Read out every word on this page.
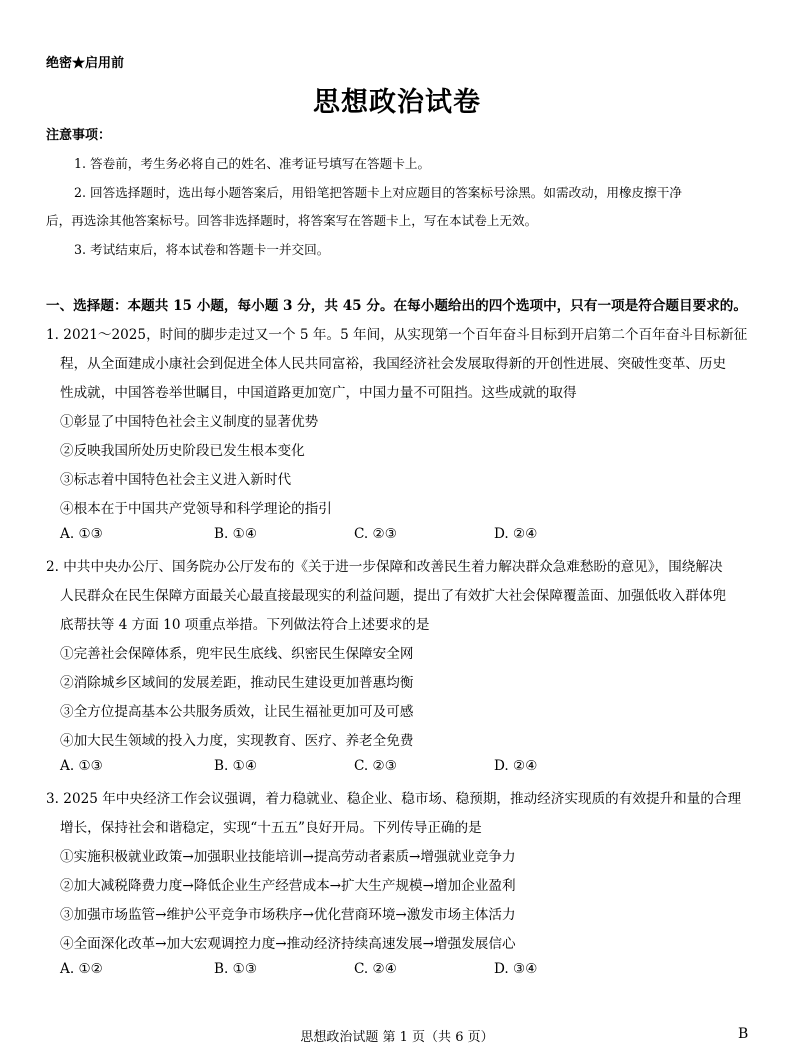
绝密★启用前
思想政治试卷
注意事项：
1. 答卷前，考生务必将自己的姓名、准考证号填写在答题卡上。
2. 回答选择题时，选出每小题答案后，用铅笔把答题卡上对应题目的答案标号涂黑。如需改动，用橡皮擦干净
后，再选涂其他答案标号。回答非选择题时，将答案写在答题卡上，写在本试卷上无效。
3. 考试结束后，将本试卷和答题卡一并交回。
一、选择题：本题共 15 小题，每小题 3 分，共 45 分。在每小题给出的四个选项中，只有一项是符合题目要求的。
1. 2021～2025，时间的脚步走过又一个 5 年。5 年间，从实现第一个百年奋斗目标到开启第二个百年奋斗目标新征
程，从全面建成小康社会到促进全体人民共同富裕，我国经济社会发展取得新的开创性进展、突破性变革、历史
性成就，中国答卷举世瞩目，中国道路更加宽广，中国力量不可阻挡。这些成就的取得
①彰显了中国特色社会主义制度的显著优势
②反映我国所处历史阶段已发生根本变化
③标志着中国特色社会主义进入新时代
④根本在于中国共产党领导和科学理论的指引
A. ①③	B. ①④	C. ②③	D. ②④
2. 中共中央办公厅、国务院办公厅发布的《关于进一步保障和改善民生着力解决群众急难愁盼的意见》，围绕解决
人民群众在民生保障方面最关心最直接最现实的利益问题，提出了有效扩大社会保障覆盖面、加强低收入群体兜
底帮扶等 4 方面 10 项重点举措。下列做法符合上述要求的是
①完善社会保障体系，兜牢民生底线、织密民生保障安全网
②消除城乡区域间的发展差距，推动民生建设更加普惠均衡
③全方位提高基本公共服务质效，让民生福祉更加可及可感
④加大民生领域的投入力度，实现教育、医疗、养老全免费
A. ①③	B. ①④	C. ②③	D. ②④
3. 2025 年中央经济工作会议强调，着力稳就业、稳企业、稳市场、稳预期，推动经济实现质的有效提升和量的合理
增长，保持社会和谐稳定，实现“十五五”良好开局。下列传导正确的是
①实施积极就业政策→加强职业技能培训→提高劳动者素质→增强就业竞争力
②加大减税降费力度→降低企业生产经营成本→扩大生产规模→增加企业盈利
③加强市场监管→维护公平竞争市场秩序→优化营商环境→激发市场主体活力
④全面深化改革→加大宏观调控力度→推动经济持续高速发展→增强发展信心
A. ①②	B. ①③	C. ②④	D. ③④
思想政治试题 第 1 页（共 6 页）	B
